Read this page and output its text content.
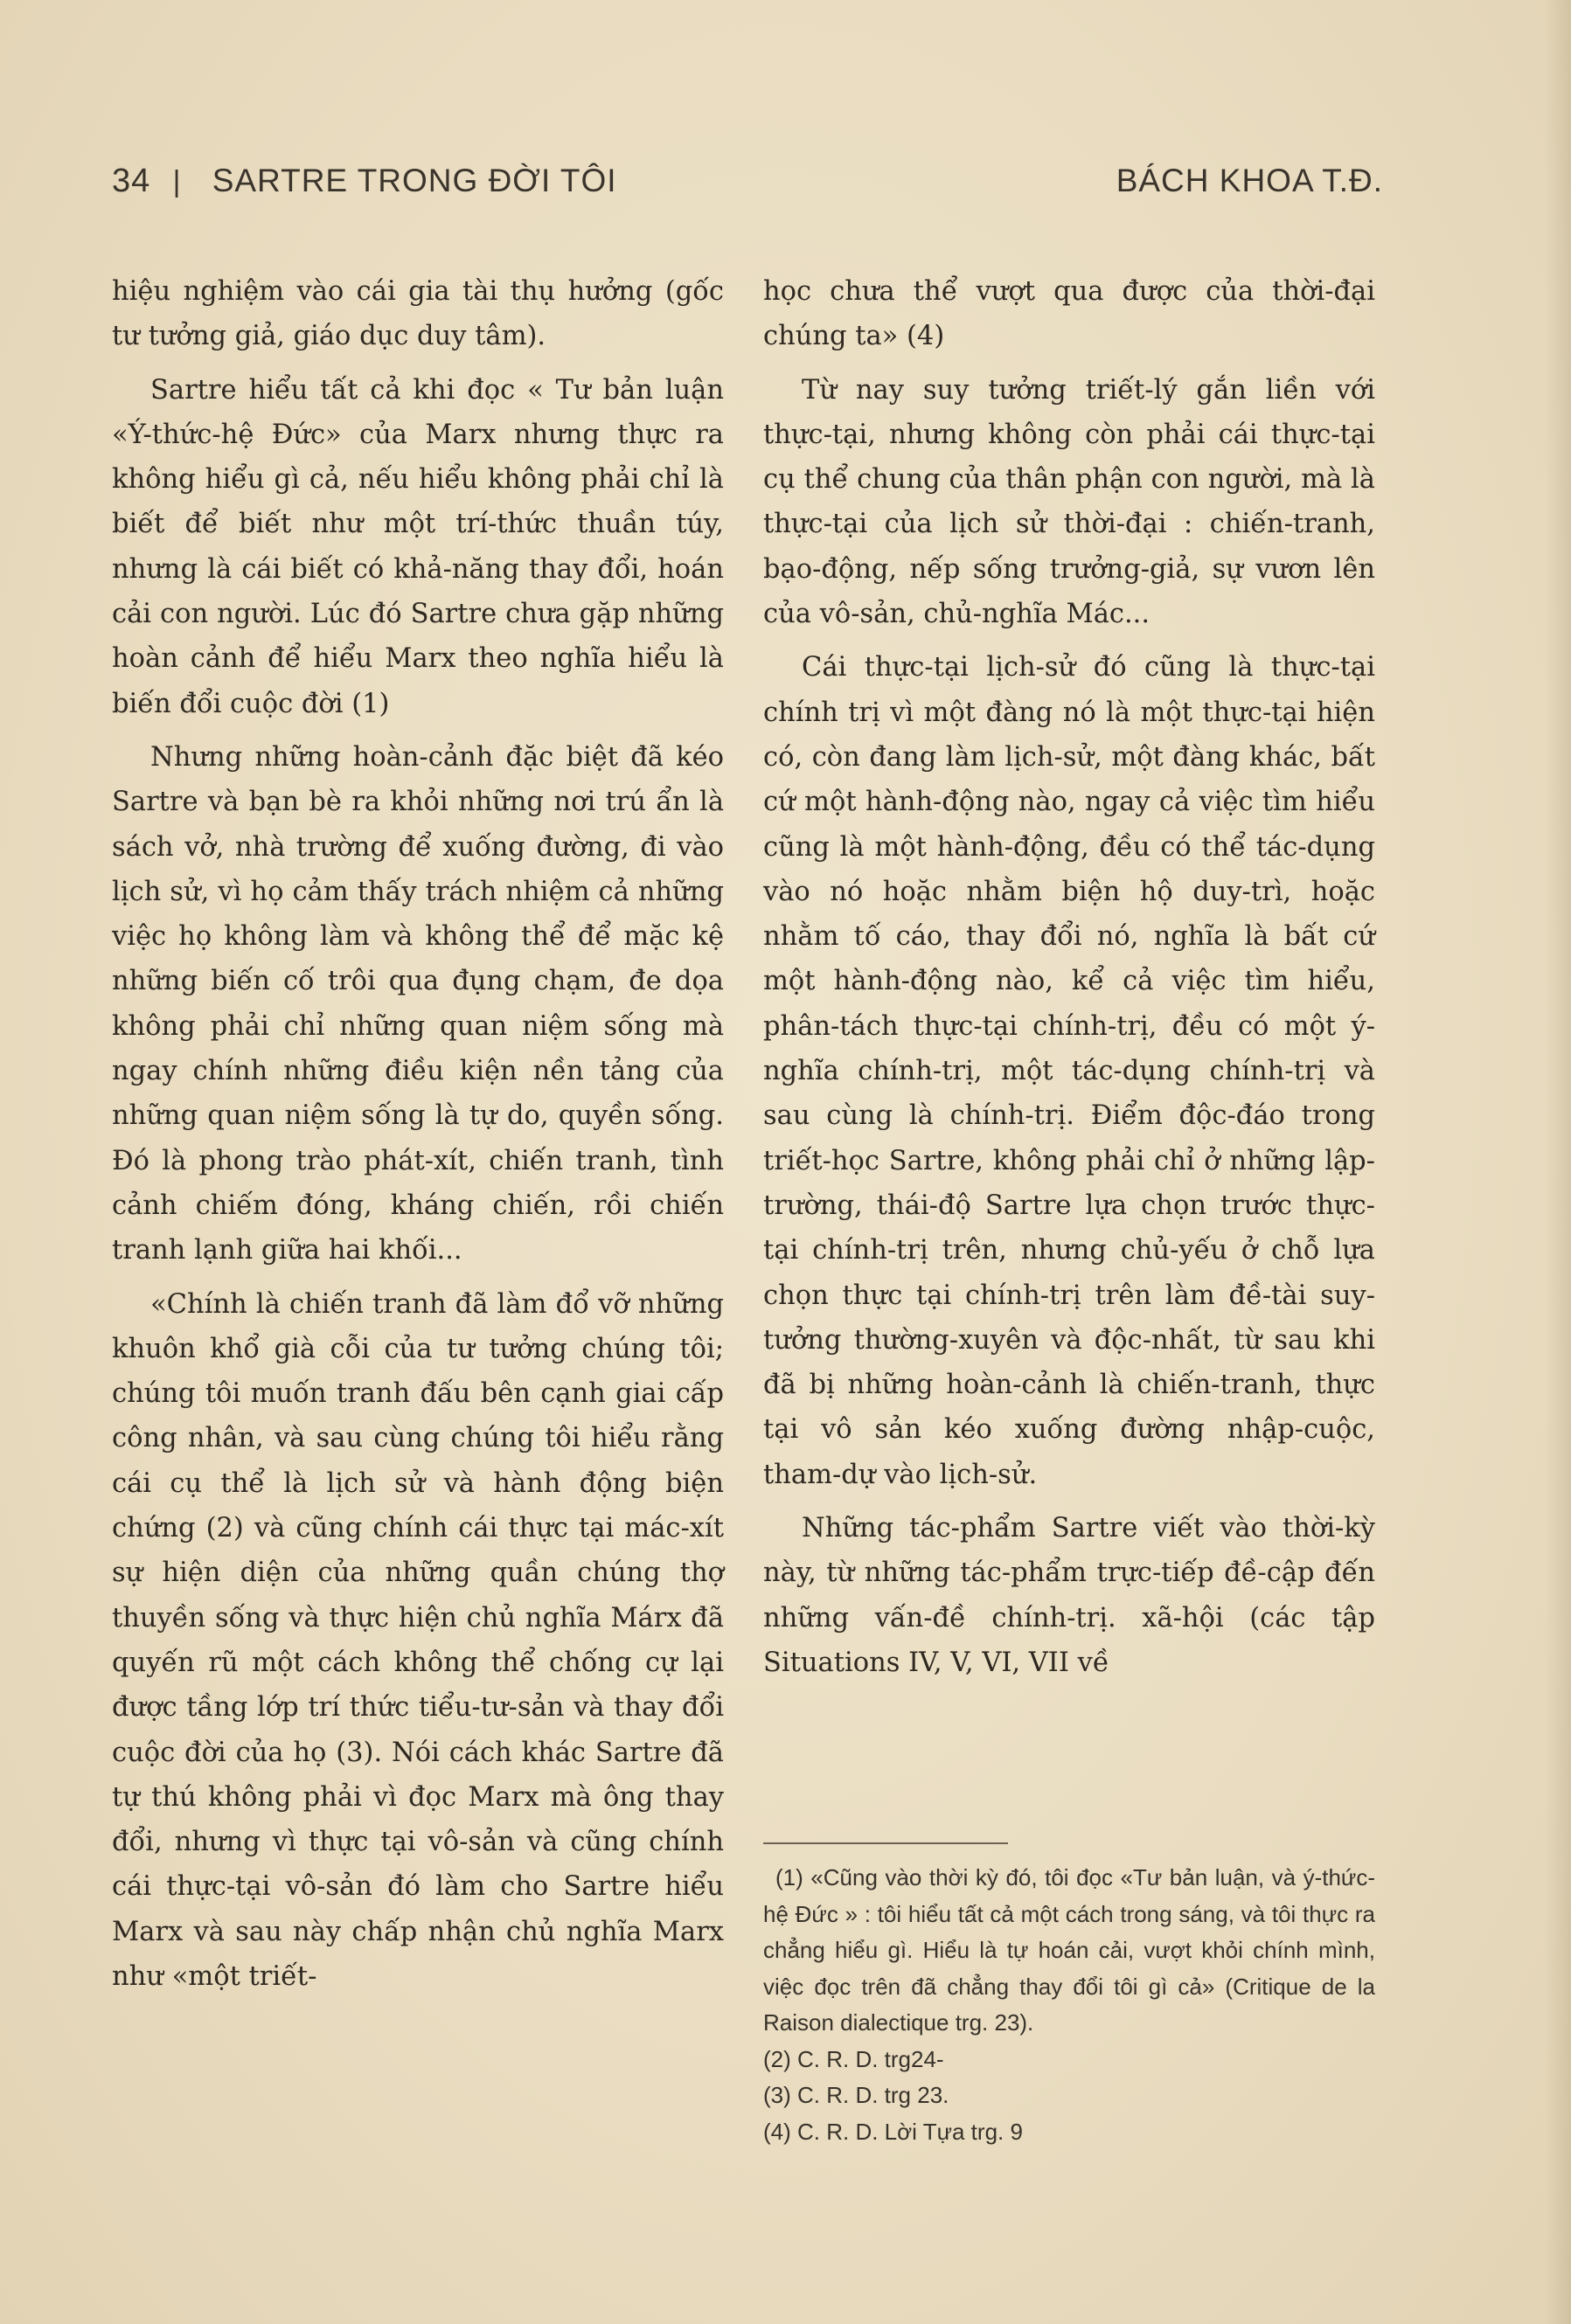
34 | SARTRE TRONG ĐỜI TÔI	BÁCH KHOA T.Đ.

hiệu nghiệm vào cái gia tài thụ hưởng (gốc tư tưởng giả, giáo dục duy tâm).

Sartre hiểu tất cả khi đọc « Tư bản luận «Ý-thức-hệ Đức» của Marx nhưng thực ra không hiểu gì cả, nếu hiểu không phải chỉ là biết để biết như một trí-thức thuần túy, nhưng là cái biết có khả-năng thay đổi, hoán cải con người. Lúc đó Sartre chưa gặp những hoàn cảnh để hiểu Marx theo nghĩa hiểu là biến đổi cuộc đời (1)

Nhưng những hoàn-cảnh đặc biệt đã kéo Sartre và bạn bè ra khỏi những nơi trú ẩn là sách vở, nhà trường để xuống đường, đi vào lịch sử, vì họ cảm thấy trách nhiệm cả những việc họ không làm và không thể để mặc kệ những biến cố trôi qua đụng chạm, đe dọa không phải chỉ những quan niệm sống mà ngay chính những điều kiện nền tảng của những quan niệm sống là tự do, quyền sống. Đó là phong trào phát-xít, chiến tranh, tình cảnh chiếm đóng, kháng chiến, rồi chiến tranh lạnh giữa hai khối...

«Chính là chiến tranh đã làm đổ vỡ những khuôn khổ già cỗi của tư tưởng chúng tôi; chúng tôi muốn tranh đấu bên cạnh giai cấp công nhân, và sau cùng chúng tôi hiểu rằng cái cụ thể là lịch sử và hành động biện chứng (2) và cũng chính cái thực tại mác-xít sự hiện diện của những quần chúng thợ thuyền sống và thực hiện chủ nghĩa Márx đã quyến rũ một cách không thể chống cự lại được tầng lớp trí thức tiểu-tư-sản và thay đổi cuộc đời của họ (3). Nói cách khác Sartre đã tự thú không phải vì đọc Marx mà ông thay đổi, nhưng vì thực tại vô-sản và cũng chính cái thực-tại vô-sản đó làm cho Sartre hiểu Marx và sau này chấp nhận chủ nghĩa Marx như «một triết-

học chưa thể vượt qua được của thời-đại chúng ta» (4)

Từ nay suy tưởng triết-lý gắn liền với thực-tại, nhưng không còn phải cái thực-tại cụ thể chung của thân phận con người, mà là thực-tại của lịch sử thời-đại : chiến-tranh, bạo-động, nếp sống trưởng-giả, sự vươn lên của vô-sản, chủ-nghĩa Mác...

Cái thực-tại lịch-sử đó cũng là thực-tại chính trị vì một đàng nó là một thực-tại hiện có, còn đang làm lịch-sử, một đàng khác, bất cứ một hành-động nào, ngay cả việc tìm hiểu cũng là một hành-động, đều có thể tác-dụng vào nó hoặc nhằm biện hộ duy-trì, hoặc nhằm tố cáo, thay đổi nó, nghĩa là bất cứ một hành-động nào, kể cả việc tìm hiểu, phân-tách thực-tại chính-trị, đều có một ý-nghĩa chính-trị, một tác-dụng chính-trị và sau cùng là chính-trị. Điểm độc-đáo trong triết-học Sartre, không phải chỉ ở những lập-trường, thái-độ Sartre lựa chọn trước thực-tại chính-trị trên, nhưng chủ-yếu ở chỗ lựa chọn thực tại chính-trị trên làm đề-tài suy-tưởng thường-xuyên và độc-nhất, từ sau khi đã bị những hoàn-cảnh là chiến-tranh, thực tại vô sản kéo xuống đường nhập-cuộc, tham-dự vào lịch-sử.

Những tác-phẩm Sartre viết vào thời-kỳ này, từ những tác-phẩm trực-tiếp đề-cập đến những vấn-đề chính-trị. xã-hội (các tập Situations IV, V, VI, VII về

(1) «Cũng vào thời kỳ đó, tôi đọc «Tư bản luận, và ý-thức-hệ Đức » : tôi hiểu tất cả một cách trong sáng, và tôi thực ra chẳng hiểu gì. Hiểu là tự hoán cải, vượt khỏi chính mình, việc đọc trên đã chẳng thay đổi tôi gì cả» (Critique de la Raison dialectique trg. 23).

(2) C. R. D. trg24-

(3) C. R. D. trg 23.

(4) C. R. D. Lời Tựa trg. 9
